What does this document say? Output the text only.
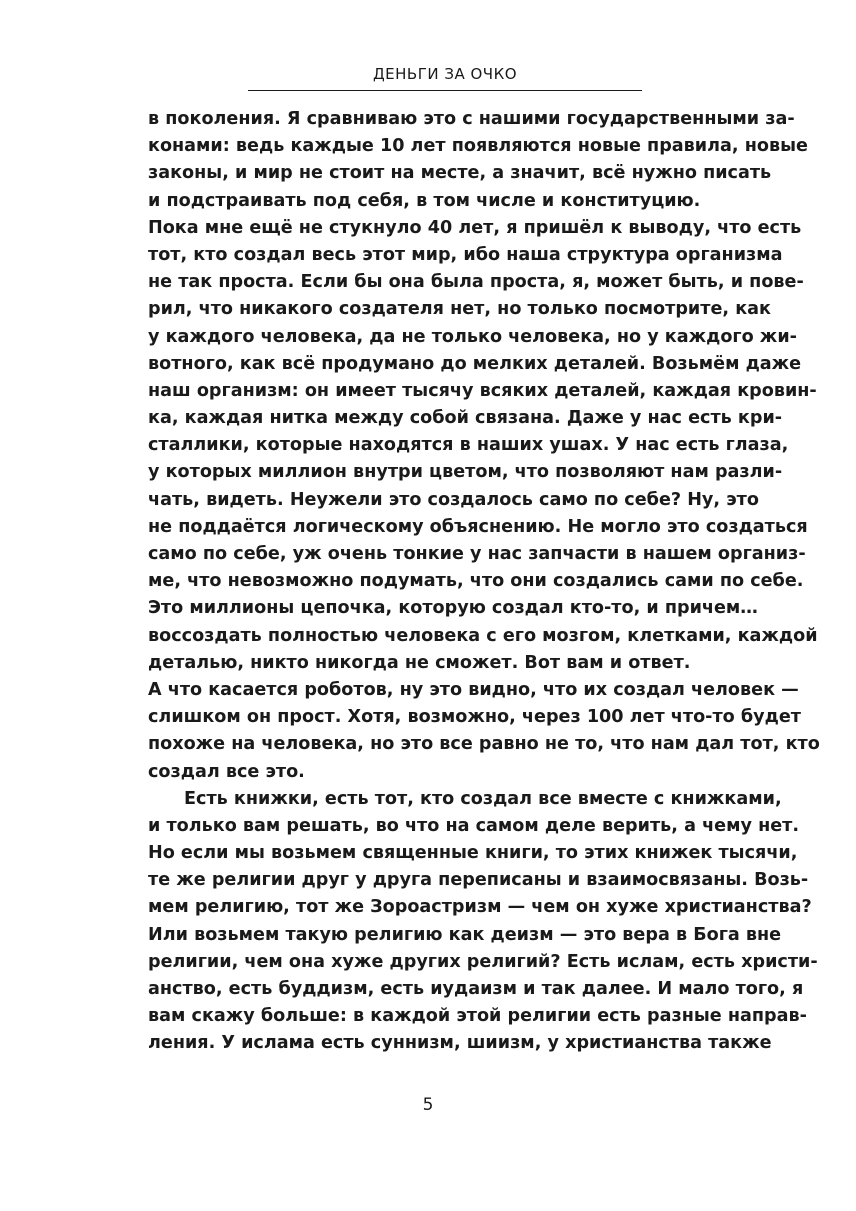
ДЕНЬГИ ЗА ОЧКО
в поколения. Я сравниваю это с нашими государственными за-
конами: ведь каждые 10 лет появляются новые правила, новые
законы, и мир не стоит на месте, а значит, всё нужно писать
и подстраивать под себя, в том числе и конституцию.
Пока мне ещё не стукнуло 40 лет, я пришёл к выводу, что есть
тот, кто создал весь этот мир, ибо наша структура организма
не так проста. Если бы она была проста, я, может быть, и пове-
рил, что никакого создателя нет, но только посмотрите, как
у каждого человека, да не только человека, но у каждого жи-
вотного, как всё продумано до мелких деталей. Возьмём даже
наш организм: он имеет тысячу всяких деталей, каждая кровин-
ка, каждая нитка между собой связана. Даже у нас есть кри-
сталлики, которые находятся в наших ушах. У нас есть глаза,
у которых миллион внутри цветом, что позволяют нам разли-
чать, видеть. Неужели это создалось само по себе? Ну, это
не поддаётся логическому объяснению. Не могло это создаться
само по себе, уж очень тонкие у нас запчасти в нашем организ-
ме, что невозможно подумать, что они создались сами по себе.
Это миллионы цепочка, которую создал кто-то, и причем…
воссоздать полностью человека с его мозгом, клетками, каждой
деталью, никто никогда не сможет. Вот вам и ответ.
А что касается роботов, ну это видно, что их создал человек —
слишком он прост. Хотя, возможно, через 100 лет что-то будет
похоже на человека, но это все равно не то, что нам дал тот, кто
создал все это.
Есть книжки, есть тот, кто создал все вместе с книжками,
и только вам решать, во что на самом деле верить, а чему нет.
Но если мы возьмем священные книги, то этих книжек тысячи,
те же религии друг у друга переписаны и взаимосвязаны. Возь-
мем религию, тот же Зороастризм — чем он хуже христианства?
Или возьмем такую религию как деизм — это вера в Бога вне
религии, чем она хуже других религий? Есть ислам, есть христи-
анство, есть буддизм, есть иудаизм и так далее. И мало того, я
вам скажу больше: в каждой этой религии есть разные направ-
ления. У ислама есть суннизм, шиизм, у христианства также
5
